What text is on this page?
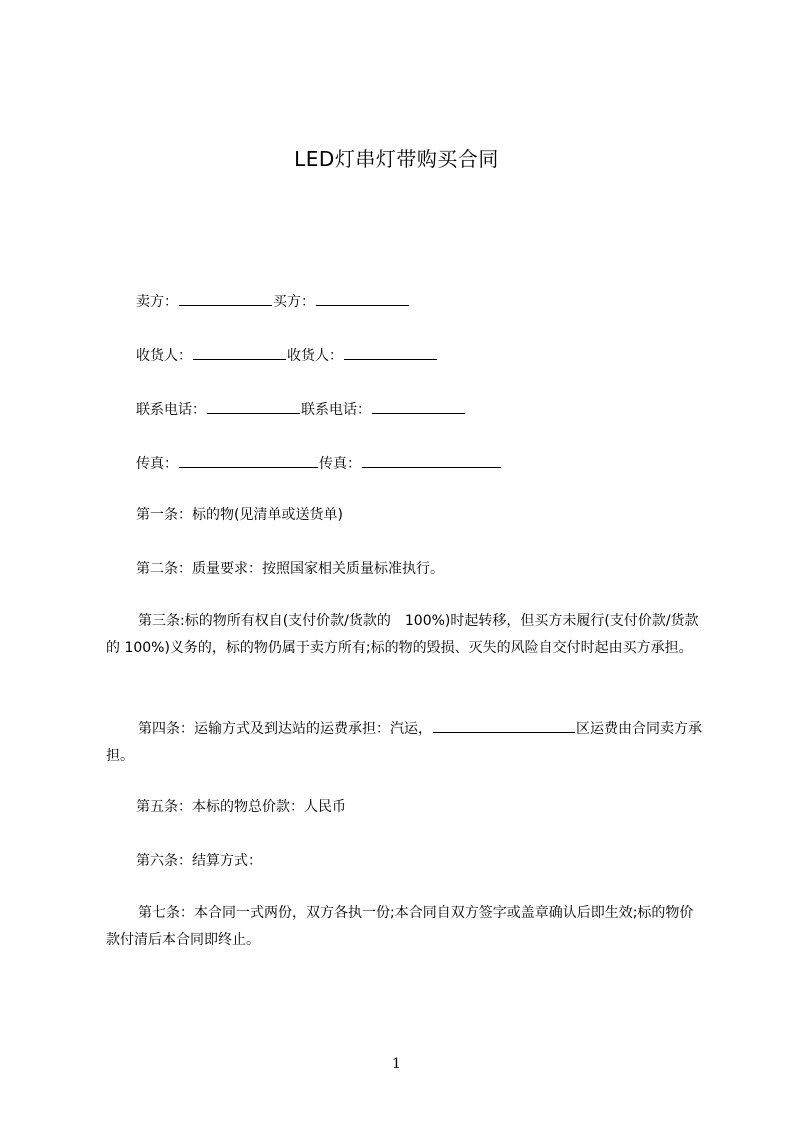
LED灯串灯带购买合同
卖方：	买方：
收货人：	收货人：
联系电话：	联系电话：
传真：	传真：
第一条：标的物(见清单或送货单)
第二条：质量要求：按照国家相关质量标准执行。
第三条:标的物所有权自(支付价款/货款的　100%)时起转移，但买方未履行(支付价款/货款的 100%)义务的，标的物仍属于卖方所有;标的物的毁损、灭失的风险自交付时起由买方承担。
第四条：运输方式及到达站的运费承担：汽运，	区运费由合同卖方承担。
第五条：本标的物总价款：人民币
第六条：结算方式：
第七条：本合同一式两份，双方各执一份;本合同自双方签字或盖章确认后即生效;标的物价款付清后本合同即终止。
1
